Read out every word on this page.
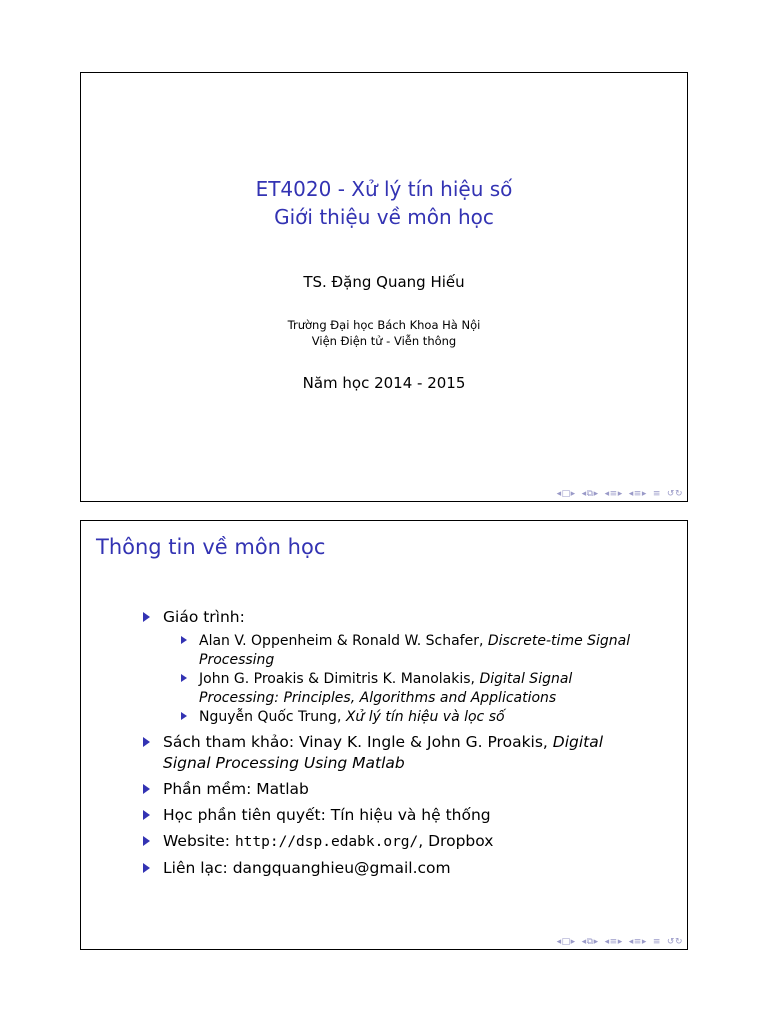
ET4020 - Xử lý tín hiệu số
Giới thiệu về môn học
TS. Đặng Quang Hiếu
Trường Đại học Bách Khoa Hà Nội
Viện Điện tử - Viễn thông
Năm học 2014 - 2015
◂□▸ ◂⧉▸ ◂≡▸ ◂≡▸ ≡ ↺↻
Thông tin về môn học
Giáo trình:
Alan V. Oppenheim & Ronald W. Schafer, Discrete-time Signal Processing
John G. Proakis & Dimitris K. Manolakis, Digital Signal Processing: Principles, Algorithms and Applications
Nguyễn Quốc Trung, Xử lý tín hiệu và lọc số
Sách tham khảo: Vinay K. Ingle & John G. Proakis, Digital Signal Processing Using Matlab
Phần mềm: Matlab
Học phần tiên quyết: Tín hiệu và hệ thống
Website: http://dsp.edabk.org/, Dropbox
Liên lạc: dangquanghieu@gmail.com
◂□▸ ◂⧉▸ ◂≡▸ ◂≡▸ ≡ ↺↻
